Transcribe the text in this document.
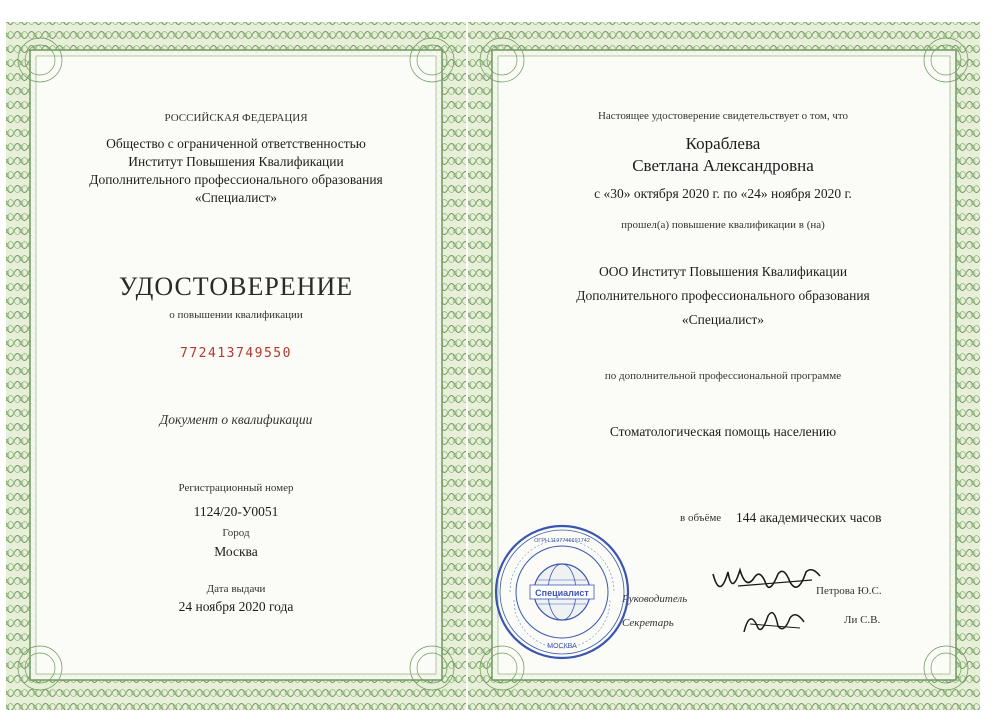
РОССИЙСКАЯ ФЕДЕРАЦИЯ
Общество с ограниченной ответственностью
Институт Повышения Квалификации
Дополнительного профессионального образования
«Специалист»
УДОСТОВЕРЕНИЕ
о повышении квалификации
772413749550
Документ о квалификации
Регистрационный номер
1124/20-У0051
Город
Москва
Дата выдачи
24 ноября 2020 года
Настоящее удостоверение свидетельствует о том, что
Кораблева
Светлана Александровна
с «30» октября 2020 г. по «24» ноября 2020 г.
прошел(а) повышение квалификации в (на)
ООО Институт Повышения Квалификации
Дополнительного профессионального образования
«Специалист»
по дополнительной профессиональной программе
Стоматологическая помощь населению
в объёме 144 академических часов
Руководитель
Петрова Ю.С.
Секретарь	Ли С.В.
Специалист
МОСКВА
ОГРН 1197746691742
